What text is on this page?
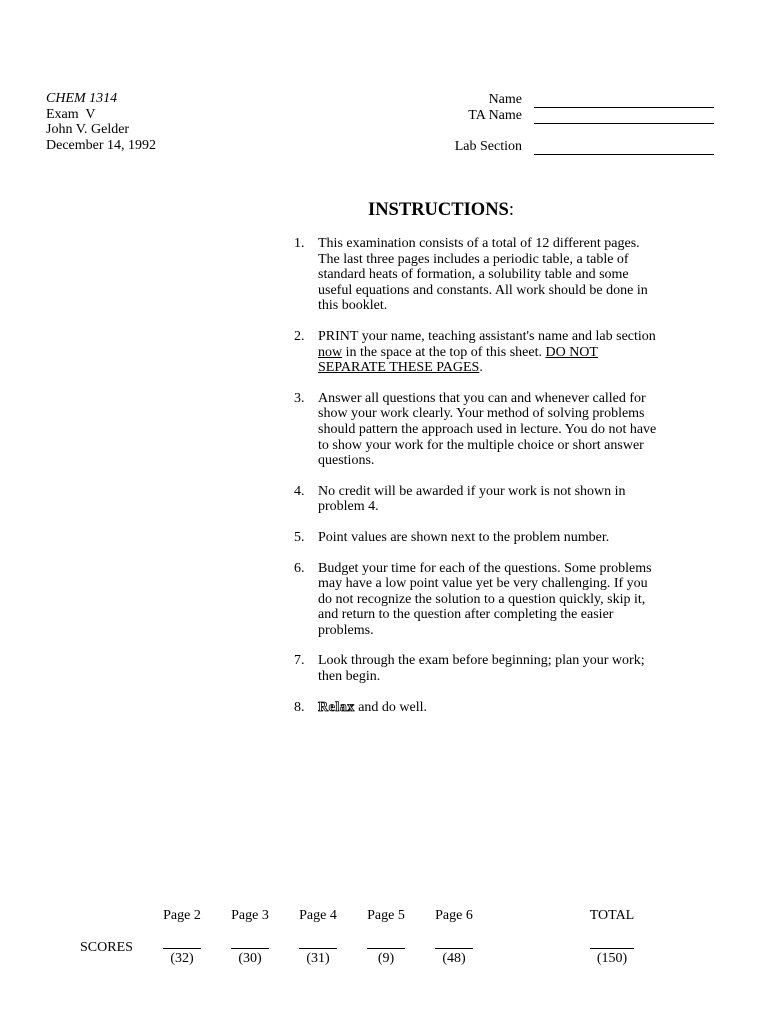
CHEM 1314
Exam  V
John V. Gelder
December 14, 1992
Name
TA Name
Lab Section
INSTRUCTIONS:
1. This examination consists of a total of 12 different pages. The last three pages includes a periodic table, a table of standard heats of formation, a solubility table and some useful equations and constants. All work should be done in this booklet.
2. PRINT your name, teaching assistant's name and lab section now in the space at the top of this sheet. DO NOT SEPARATE THESE PAGES.
3. Answer all questions that you can and whenever called for show your work clearly. Your method of solving problems should pattern the approach used in lecture. You do not have to show your work for the multiple choice or short answer questions.
4. No credit will be awarded if your work is not shown in problem 4.
5. Point values are shown next to the problem number.
6. Budget your time for each of the questions. Some problems may have a low point value yet be very challenging. If you do not recognize the solution to a question quickly, skip it, and return to the question after completing the easier problems.
7. Look through the exam before beginning; plan your work; then begin.
8. Relax and do well.
SCORES
Page 2
(32)
Page 3
(30)
Page 4
(31)
Page 5
(9)
Page 6
(48)
TOTAL
(150)
